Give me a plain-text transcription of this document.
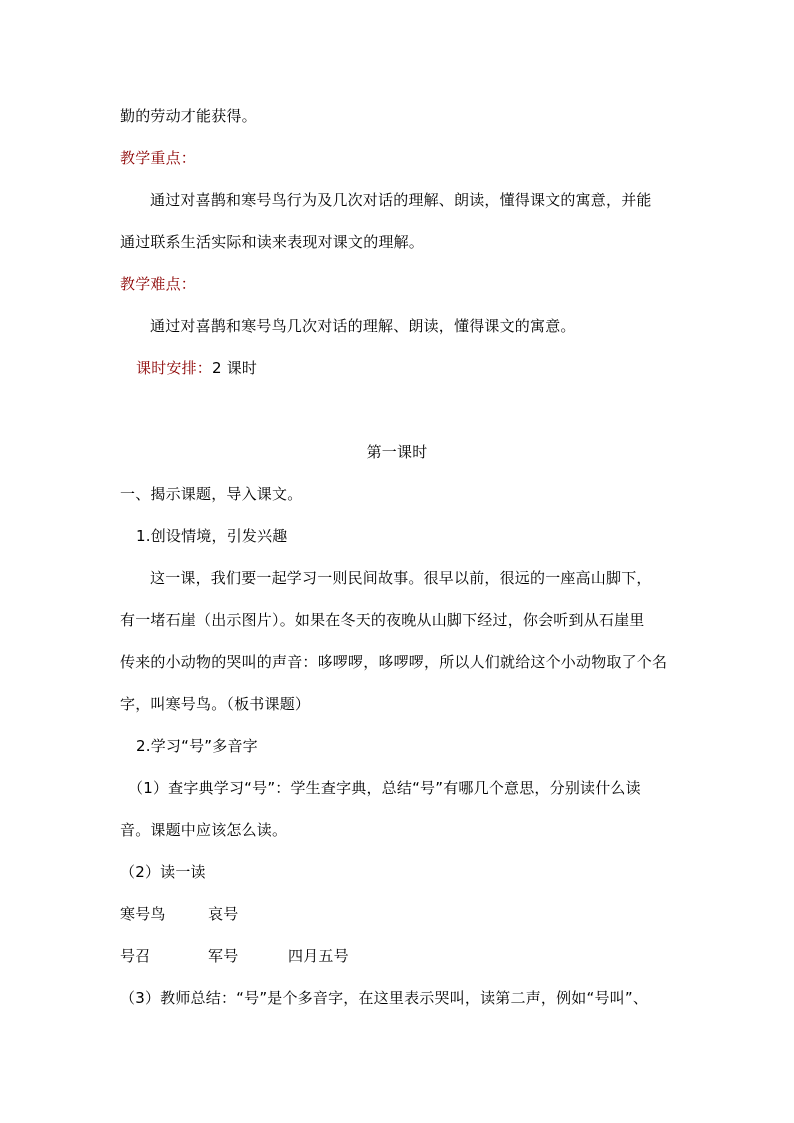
勤的劳动才能获得。
教学重点：
通过对喜鹊和寒号鸟行为及几次对话的理解、朗读，懂得课文的寓意，并能
通过联系生活实际和读来表现对课文的理解。
教学难点：
通过对喜鹊和寒号鸟几次对话的理解、朗读，懂得课文的寓意。
课时安排：2 课时
第一课时
一、揭示课题，导入课文。
1.创设情境，引发兴趣
这一课，我们要一起学习一则民间故事。很早以前，很远的一座高山脚下，
有一堵石崖（出示图片）。如果在冬天的夜晚从山脚下经过，你会听到从石崖里
传来的小动物的哭叫的声音：哆啰啰，哆啰啰，所以人们就给这个小动物取了个名
字，叫寒号鸟。（板书课题）
2.学习“号”多音字
（1）查字典学习“号”：学生查字典，总结“号”有哪几个意思，分别读什么读
音。课题中应该怎么读。
（2）读一读
寒号鸟	哀号
号召	军号	四月五号
（3）教师总结：“号”是个多音字，在这里表示哭叫，读第二声，例如“号叫”、
